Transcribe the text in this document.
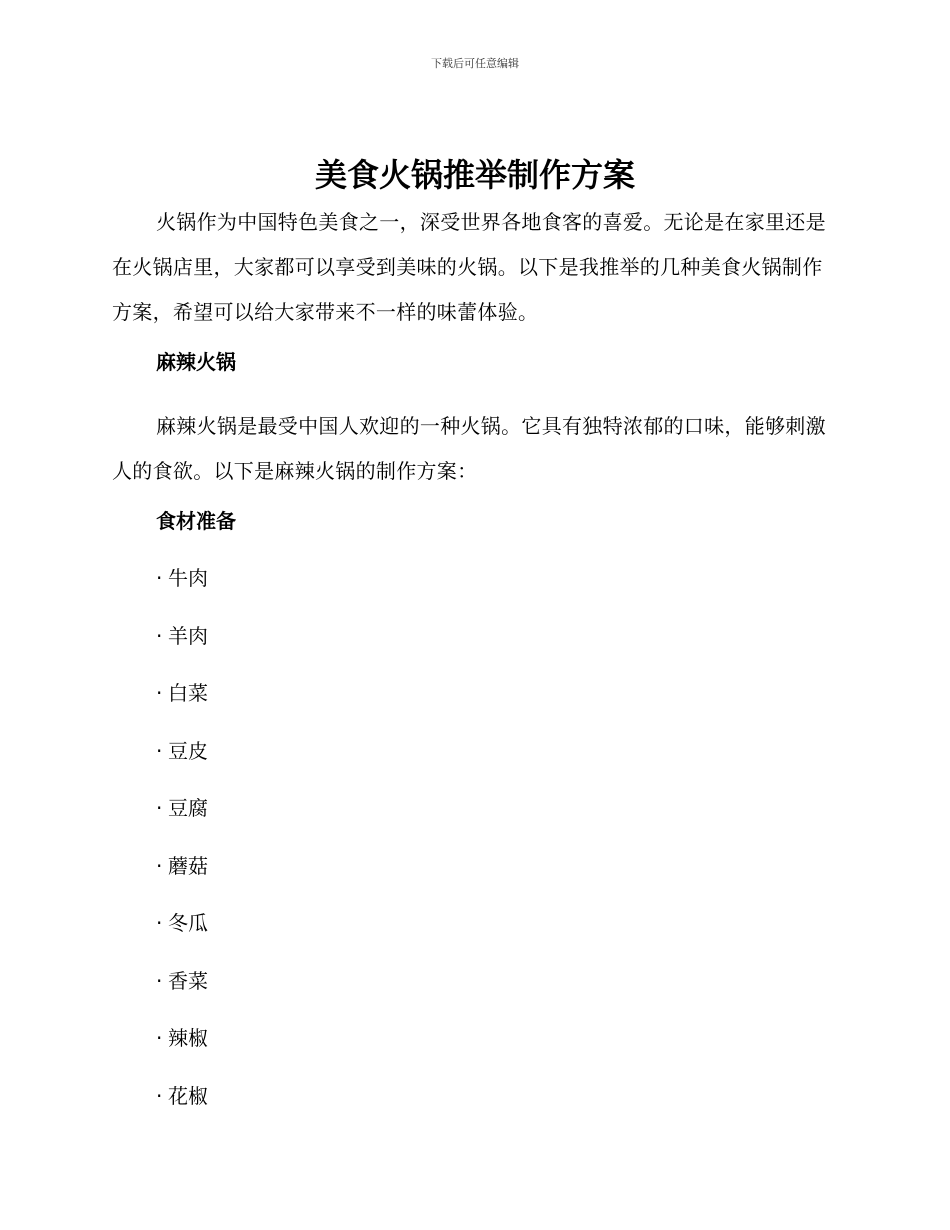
下载后可任意编辑
美食火锅推举制作方案

火锅作为中国特色美食之一，深受世界各地食客的喜爱。无论是在家里还是在火锅店里，大家都可以享受到美味的火锅。以下是我推举的几种美食火锅制作方案，希望可以给大家带来不一样的味蕾体验。

麻辣火锅

麻辣火锅是最受中国人欢迎的一种火锅。它具有独特浓郁的口味，能够刺激人的食欲。以下是麻辣火锅的制作方案：

食材准备
· 牛肉
· 羊肉
· 白菜
· 豆皮
· 豆腐
· 蘑菇
· 冬瓜
· 香菜
· 辣椒
· 花椒
